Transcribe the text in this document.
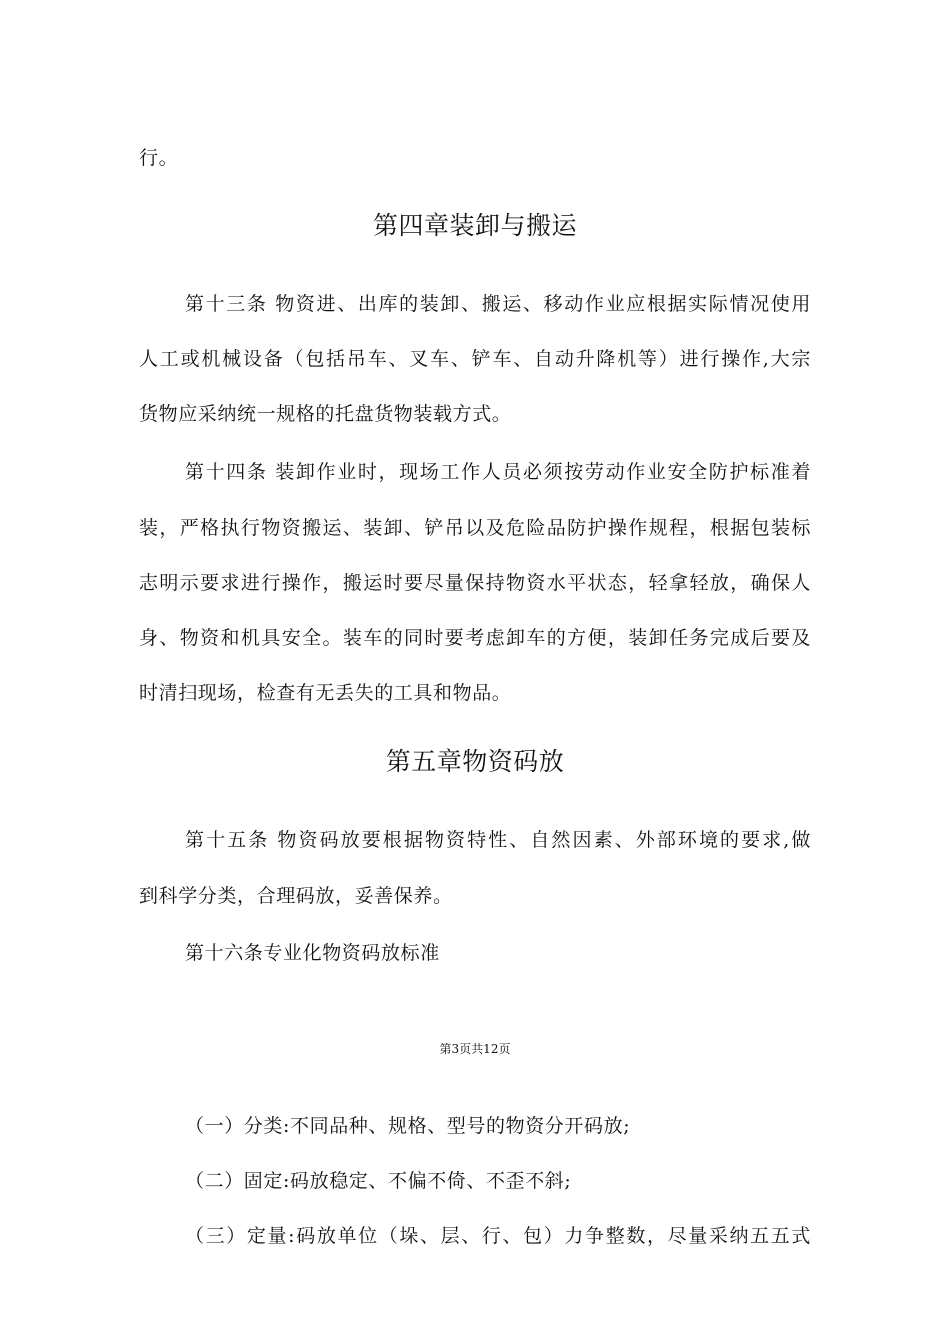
行。
第四章装卸与搬运
第十三条 物资进、出库的装卸、搬运、移动作业应根据实际情况使用
人工或机械设备（包括吊车、叉车、铲车、自动升降机等）进行操作,大宗
货物应采纳统一规格的托盘货物装载方式。
第十四条 装卸作业时，现场工作人员必须按劳动作业安全防护标准着
装，严格执行物资搬运、装卸、铲吊以及危险品防护操作规程，根据包装标
志明示要求进行操作，搬运时要尽量保持物资水平状态，轻拿轻放，确保人
身、物资和机具安全。装车的同时要考虑卸车的方便，装卸任务完成后要及
时清扫现场，检查有无丢失的工具和物品。
第五章物资码放
第十五条 物资码放要根据物资特性、自然因素、外部环境的要求,做
到科学分类，合理码放，妥善保养。
第十六条专业化物资码放标准
第3页共12页
（一）分类:不同品种、规格、型号的物资分开码放;
（二）固定:码放稳定、不偏不倚、不歪不斜;
（三）定量:码放单位（垛、层、行、包）力争整数，尽量采纳五五式
